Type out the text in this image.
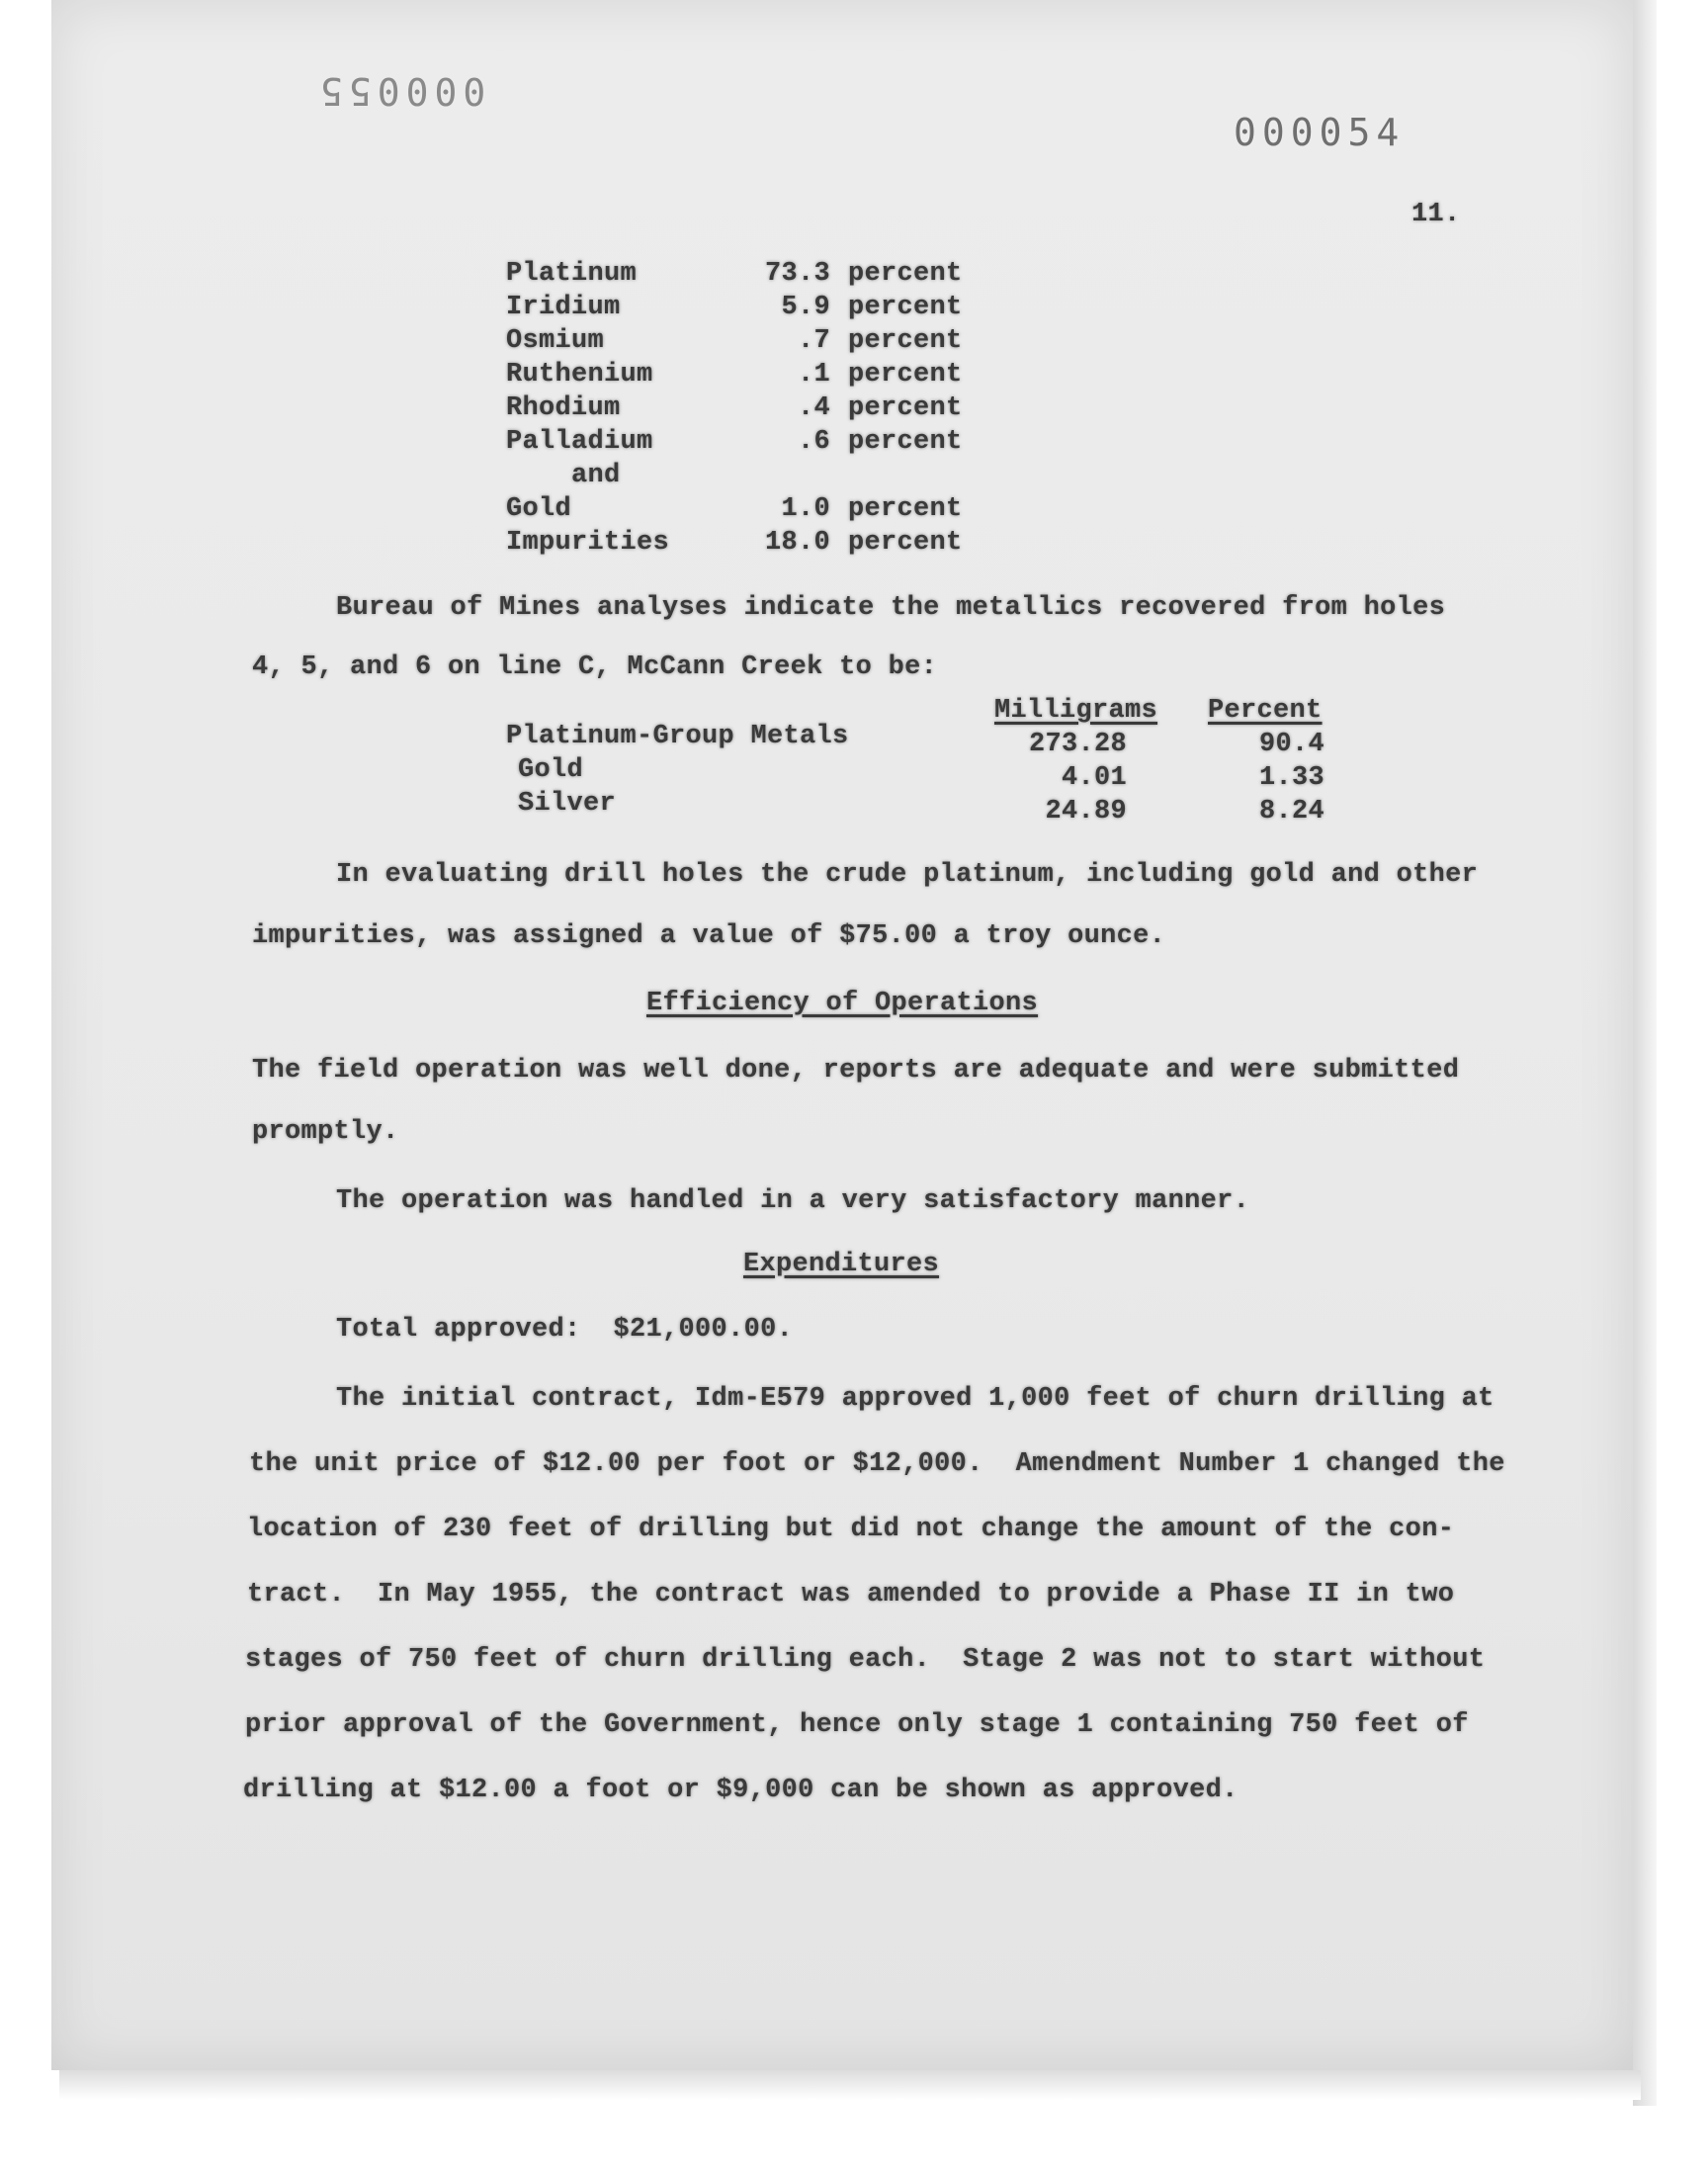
000055
000054
11.
Platinum	73.3 percent
Iridium	5.9 percent
Osmium	.7 percent
Ruthenium	.1 percent
Rhodium	.4 percent
Palladium	.6 percent
and
Gold	1.0 percent
Impurities	18.0 percent
Bureau of Mines analyses indicate the metallics recovered from holes
4, 5, and 6 on line C, McCann Creek to be:
Milligrams Percent
Platinum-Group Metals	273.28	90.4
Gold	4.01	1.33
Silver	24.89	8.24
In evaluating drill holes the crude platinum, including gold and other
impurities, was assigned a value of $75.00 a troy ounce.
Efficiency of Operations
The field operation was well done, reports are adequate and were submitted
promptly.
The operation was handled in a very satisfactory manner.
Expenditures
Total approved:  $21,000.00.
The initial contract, Idm-E579 approved 1,000 feet of churn drilling at
the unit price of $12.00 per foot or $12,000.  Amendment Number 1 changed the
location of 230 feet of drilling but did not change the amount of the con-
tract.  In May 1955, the contract was amended to provide a Phase II in two
stages of 750 feet of churn drilling each.  Stage 2 was not to start without
prior approval of the Government, hence only stage 1 containing 750 feet of
drilling at $12.00 a foot or $9,000 can be shown as approved.
